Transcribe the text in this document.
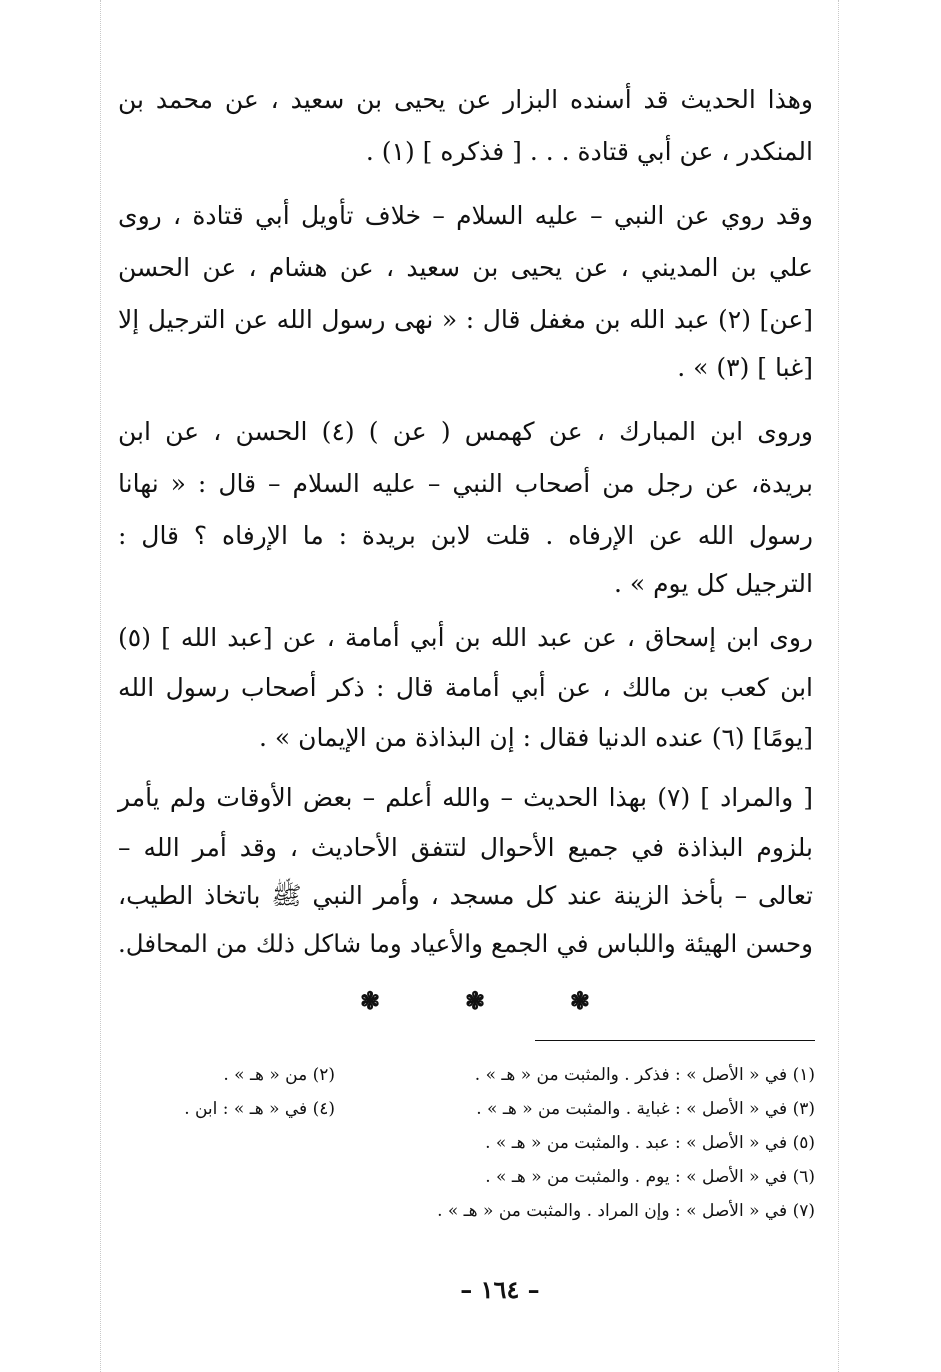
وهذا الحديث قد أسنده البزار عن يحيى بن سعيد ، عن محمد بن
المنكدر ، عن أبي قتادة . . . [ فذكره ] (١) .
وقد روي عن النبي – عليه السلام – خلاف تأويل أبي قتادة ، روى
علي بن المديني ، عن يحيى بن سعيد ، عن هشام ، عن الحسن
[عن] (٢) عبد الله بن مغفل قال : « نهى رسول الله عن الترجيل إلا
[غبا ] (٣) » .
وروى ابن المبارك ، عن كهمس ( عن ) (٤) الحسن ، عن ابن
بريدة، عن رجل من أصحاب النبي – عليه السلام – قال : « نهانا
رسول الله عن الإرفاه . قلت لابن بريدة : ما الإرفاه ؟ قال :
الترجيل كل يوم » .
روى ابن إسحاق ، عن عبد الله بن أبي أمامة ، عن [عبد الله ] (٥)
ابن كعب بن مالك ، عن أبي أمامة قال : ذكر أصحاب رسول الله
[يومًا] (٦) عنده الدنيا فقال : إن البذاذة من الإيمان » .
[ والمراد ] (٧) بهذا الحديث – والله أعلم – بعض الأوقات ولم يأمر
بلزوم البذاذة في جميع الأحوال لتتفق الأحاديث ، وقد أمر الله –
تعالى – بأخذ الزينة عند كل مسجد ، وأمر النبي ﷺ باتخاذ الطيب،
وحسن الهيئة واللباس في الجمع والأعياد وما شاكل ذلك من المحافل.
❃	❃	❃
(١) في « الأصل » : فذكر . والمثبت من « هـ » .
(٣) في « الأصل » : غباية . والمثبت من « هـ » .
(٥) في « الأصل » : عبد . والمثبت من « هـ » .
(٦) في « الأصل » : يوم . والمثبت من « هـ » .
(٧) في « الأصل » : وإن المراد . والمثبت من « هـ » .
(٢) من « هـ » .
(٤) في « هـ » : ابن .
– ١٦٤ –
